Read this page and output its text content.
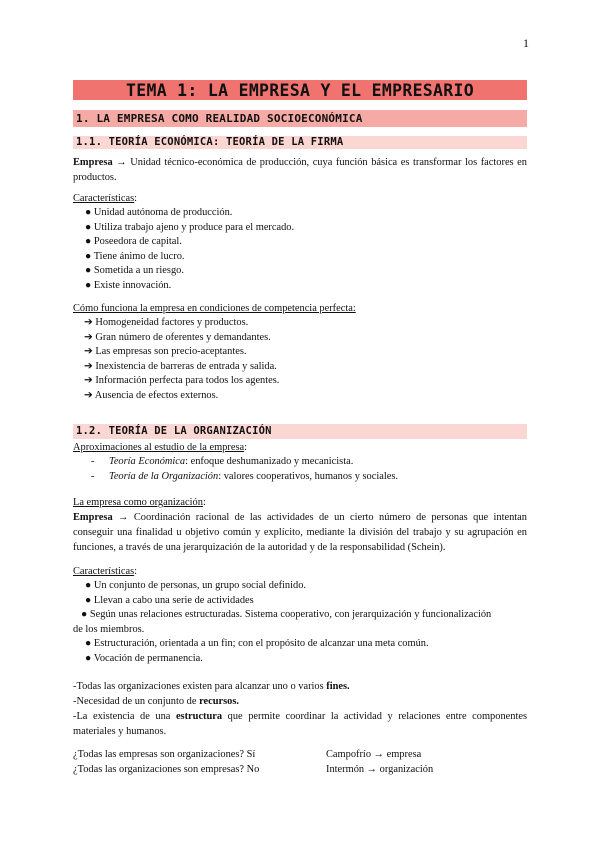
1
TEMA 1: LA EMPRESA Y EL EMPRESARIO
1. LA EMPRESA COMO REALIDAD SOCIOECONÓMICA
1.1. TEORÍA ECONÓMICA: TEORÍA DE LA FIRMA
Empresa → Unidad técnico-económica de producción, cuya función básica es transformar los factores en productos.
Características:
● Unidad autónoma de producción.
● Utiliza trabajo ajeno y produce para el mercado.
● Poseedora de capital.
● Tiene ánimo de lucro.
● Sometida a un riesgo.
● Existe innovación.
Cómo funciona la empresa en condiciones de competencia perfecta:
➔ Homogeneidad factores y productos.
➔ Gran número de oferentes y demandantes.
➔ Las empresas son precio-aceptantes.
➔ Inexistencia de barreras de entrada y salida.
➔ Información perfecta para todos los agentes.
➔ Ausencia de efectos externos.
1.2. TEORÍA DE LA ORGANIZACIÓN
Aproximaciones al estudio de la empresa:
- Teoría Económica: enfoque deshumanizado y mecanicista.
- Teoría de la Organización: valores cooperativos, humanos y sociales.
La empresa como organización:
Empresa → Coordinación racional de las actividades de un cierto número de personas que intentan conseguir una finalidad u objetivo común y explícito, mediante la división del trabajo y su agrupación en funciones, a través de una jerarquización de la autoridad y de la responsabilidad (Schein).
Características:
● Un conjunto de personas, un grupo social definido.
● Llevan a cabo una serie de actividades
● Según unas relaciones estructuradas. Sistema cooperativo, con jerarquización y funcionalización
de los miembros.
● Estructuración, orientada a un fin; con el propósito de alcanzar una meta común.
● Vocación de permanencia.
-Todas las organizaciones existen para alcanzar uno o varios fines.
-Necesidad de un conjunto de recursos.
-La existencia de una estructura que permite coordinar la actividad y relaciones entre componentes materiales y humanos.
¿Todas las empresas son organizaciones? Sí	Campofrío → empresa
¿Todas las organizaciones son empresas? No	Intermón → organización
